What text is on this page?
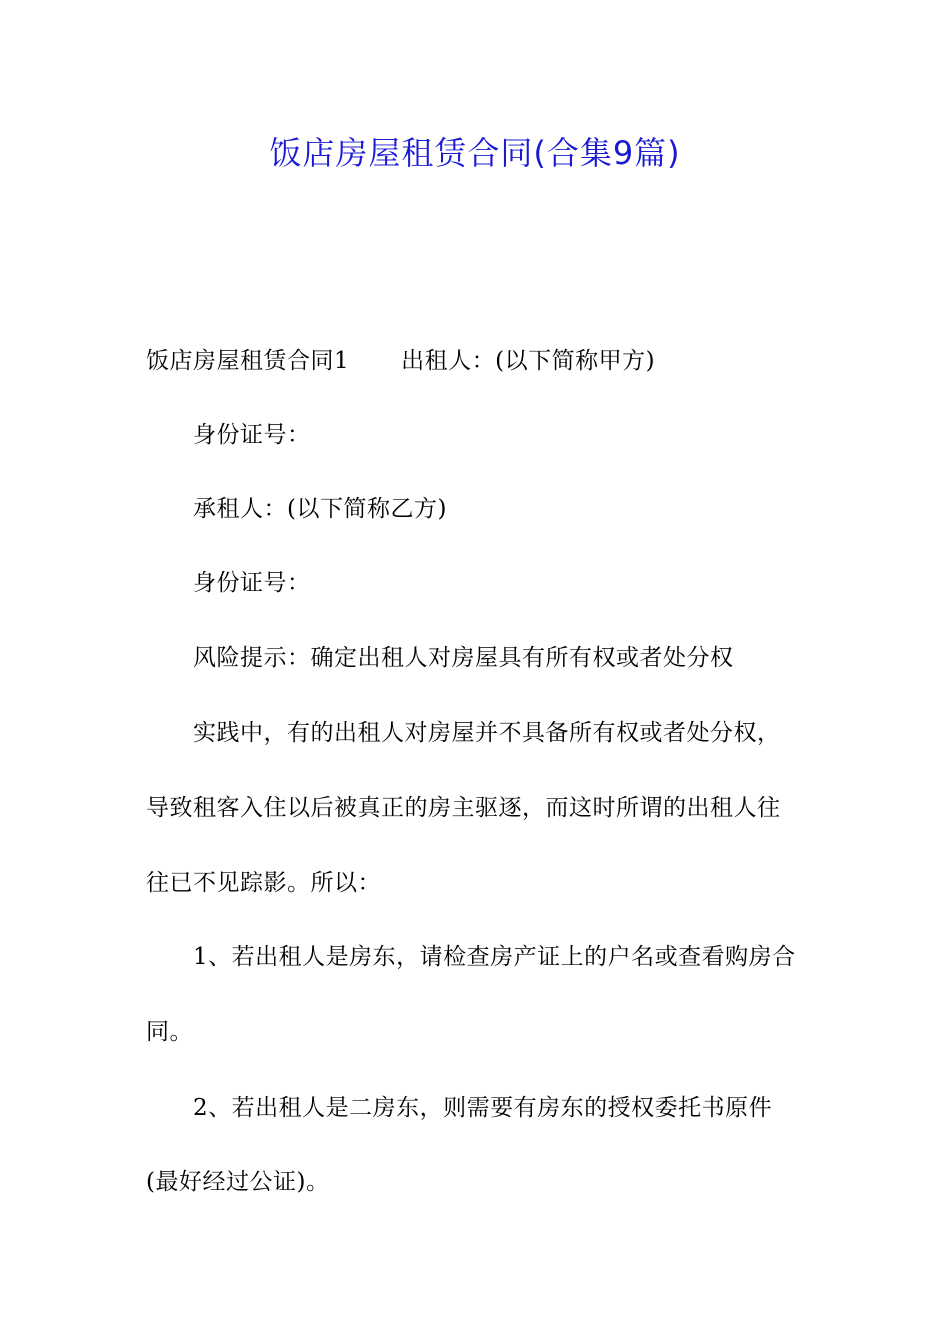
饭店房屋租赁合同(合集9篇)
饭店房屋租赁合同1 出租人：(以下简称甲方)
身份证号：
承租人：(以下简称乙方)
身份证号：
风险提示：确定出租人对房屋具有所有权或者处分权
实践中，有的出租人对房屋并不具备所有权或者处分权，
导致租客入住以后被真正的房主驱逐，而这时所谓的出租人往
往已不见踪影。所以：
1、若出租人是房东，请检查房产证上的户名或查看购房合
同。
2、若出租人是二房东，则需要有房东的授权委托书原件
(最好经过公证)。
